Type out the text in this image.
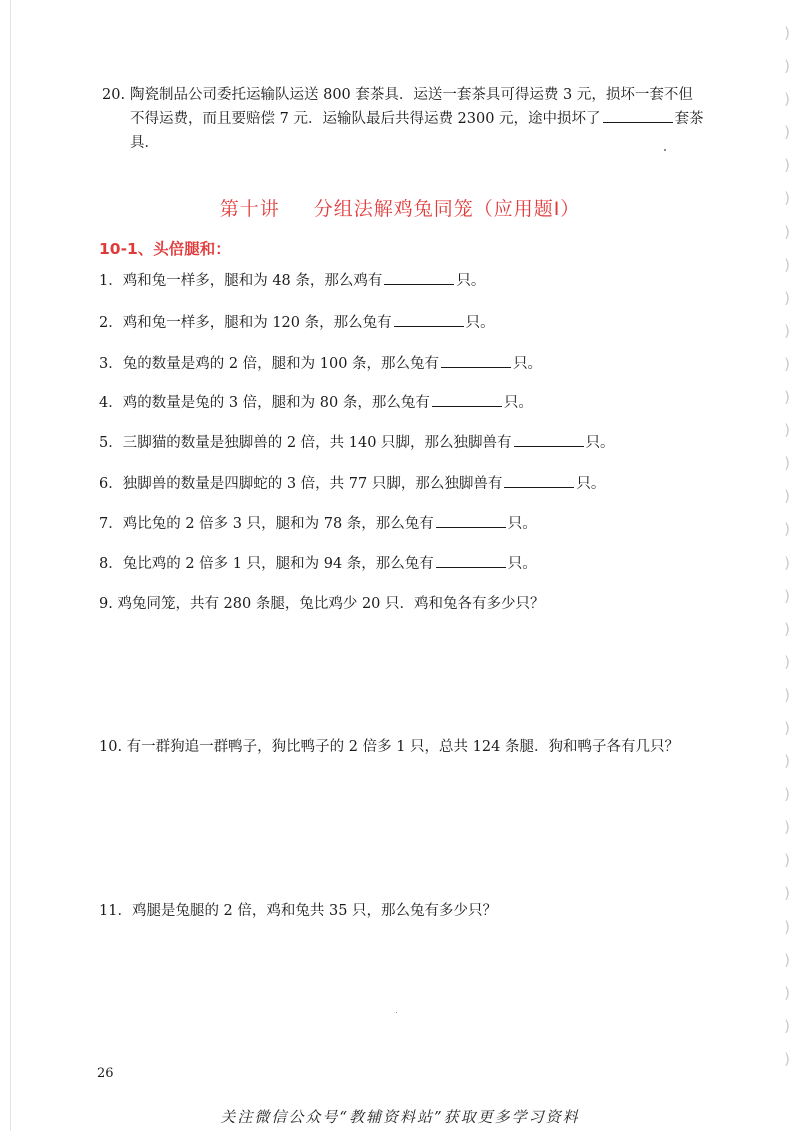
)
)
)
)
)
)
)
)
)
)
)
)
)
)
)
)
)
)
)
)
)
)
)
)
)
)
)
)
)
)
)
)
20. 陶瓷制品公司委托运输队运送 800 套茶具．运送一套茶具可得运费 3 元，损坏一套不但
不得运费，而且要赔偿 7 元．运输队最后共得运费 2300 元，途中损坏了	套茶具．
第十讲 分组法解鸡兔同笼（应用题Ⅰ）
10-1、头倍腿和：
1．鸡和兔一样多，腿和为 48 条，那么鸡有	只。
2．鸡和兔一样多，腿和为 120 条，那么兔有	只。
3．兔的数量是鸡的 2 倍，腿和为 100 条，那么兔有	只。
4．鸡的数量是兔的 3 倍，腿和为 80 条，那么兔有	只。
5．三脚猫的数量是独脚兽的 2 倍，共 140 只脚，那么独脚兽有	只。
6．独脚兽的数量是四脚蛇的 3 倍，共 77 只脚，那么独脚兽有	只。
7．鸡比兔的 2 倍多 3 只，腿和为 78 条，那么兔有	只。
8．兔比鸡的 2 倍多 1 只，腿和为 94 条，那么兔有	只。
9. 鸡兔同笼，共有 280 条腿，兔比鸡少 20 只．鸡和兔各有多少只？
10. 有一群狗追一群鸭子，狗比鸭子的 2 倍多 1 只，总共 124 条腿．狗和鸭子各有几只？
11．鸡腿是兔腿的 2 倍，鸡和兔共 35 只，那么兔有多少只？
26
关注微信公众号“教辅资料站”获取更多学习资料
